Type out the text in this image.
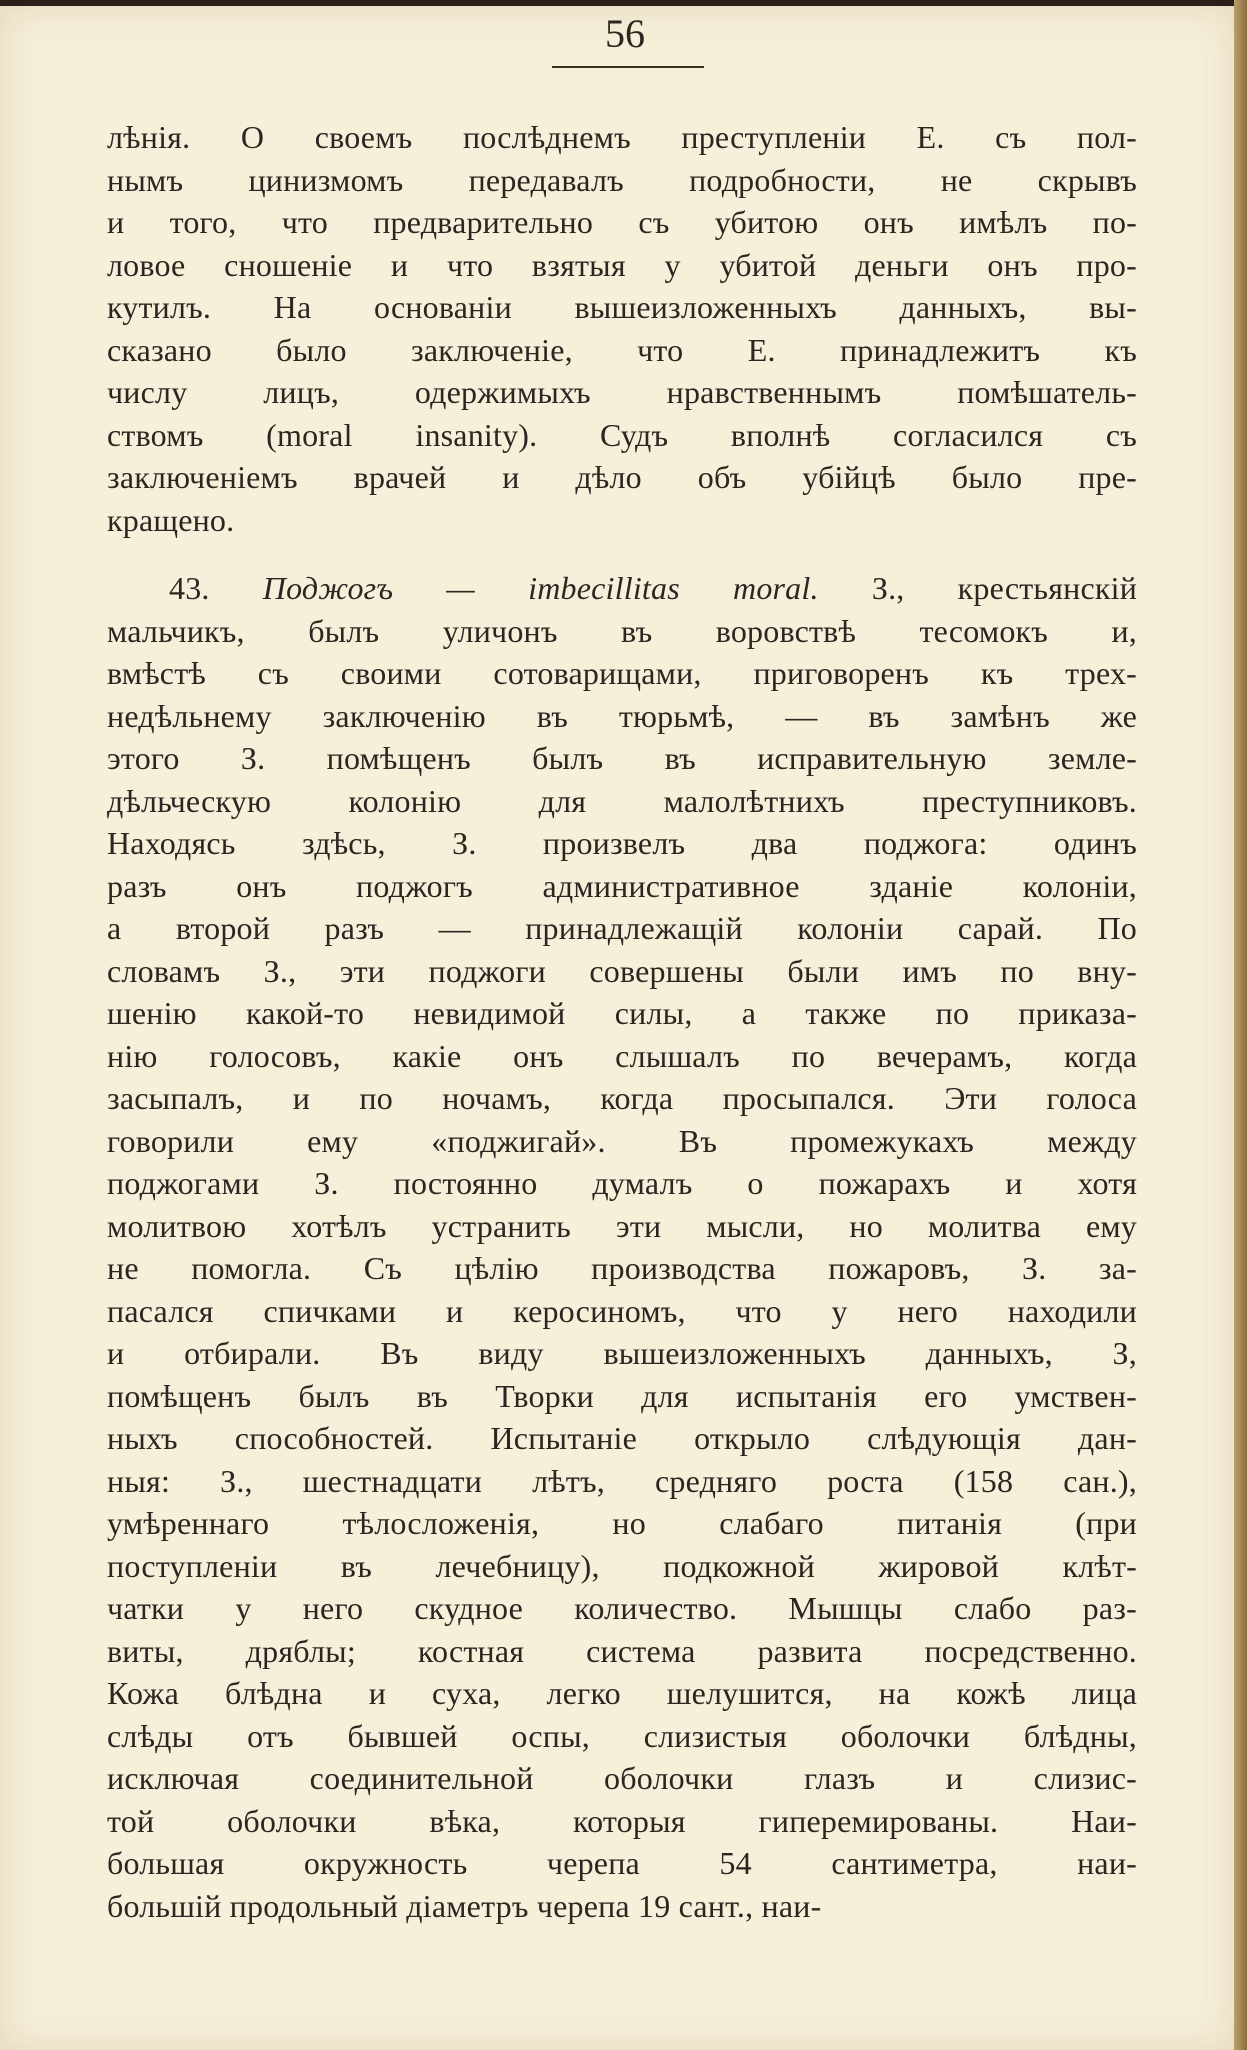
56
лѣнія. О своемъ послѣднемъ преступленіи Е. съ пол-
нымъ цинизмомъ передавалъ подробности, не скрывъ
и того, что предварительно съ убитою онъ имѣлъ по-
ловое сношеніе и что взятыя у убитой деньги онъ про-
кутилъ. На основаніи вышеизложенныхъ данныхъ, вы-
сказано было заключеніе, что Е. принадлежитъ къ
числу лицъ, одержимыхъ нравственнымъ помѣшатель-
ствомъ (moral insanity). Судъ вполнѣ согласился съ
заключеніемъ врачей и дѣло объ убійцѣ было пре-
кращено.
43. Поджогъ — imbecillitas moral. З., крестьянскій
мальчикъ, былъ уличонъ въ воровствѣ тесомокъ и,
вмѣстѣ съ своими сотоварищами, приговоренъ къ трех-
недѣльнему заключенію въ тюрьмѣ, — въ замѣнъ же
этого З. помѣщенъ былъ въ исправительную земле-
дѣльческую колонію для малолѣтнихъ преступниковъ.
Находясь здѣсь, З. произвелъ два поджога: одинъ
разъ онъ поджогъ административное зданіе колоніи,
а второй разъ — принадлежащій колоніи сарай. По
словамъ З., эти поджоги совершены были имъ по вну-
шенію какой-то невидимой силы, а также по приказа-
нію голосовъ, какіе онъ слышалъ по вечерамъ, когда
засыпалъ, и по ночамъ, когда просыпался. Эти голоса
говорили ему «поджигай». Въ промежукахъ между
поджогами З. постоянно думалъ о пожарахъ и хотя
молитвою хотѣлъ устранить эти мысли, но молитва ему
не помогла. Съ цѣлію производства пожаровъ, З. за-
пасался спичками и керосиномъ, что у него находили
и отбирали. Въ виду вышеизложенныхъ данныхъ, З,
помѣщенъ былъ въ Творки для испытанія его умствен-
ныхъ способностей. Испытаніе открыло слѣдующія дан-
ныя: З., шестнадцати лѣтъ, средняго роста (158 сан.),
умѣреннаго тѣлосложенія, но слабаго питанія (при
поступленіи въ лечебницу), подкожной жировой клѣт-
чатки у него скудное количество. Мышцы слабо раз-
виты, дряблы; костная система развита посредственно.
Кожа блѣдна и суха, легко шелушится, на кожѣ лица
слѣды отъ бывшей оспы, слизистыя оболочки блѣдны,
исключая соединительной оболочки глазъ и слизис-
той оболочки вѣка, которыя гиперемированы. Наи-
большая окружность черепа 54 сантиметра, наи-
большій продольный діаметръ черепа 19 сант., наи-
